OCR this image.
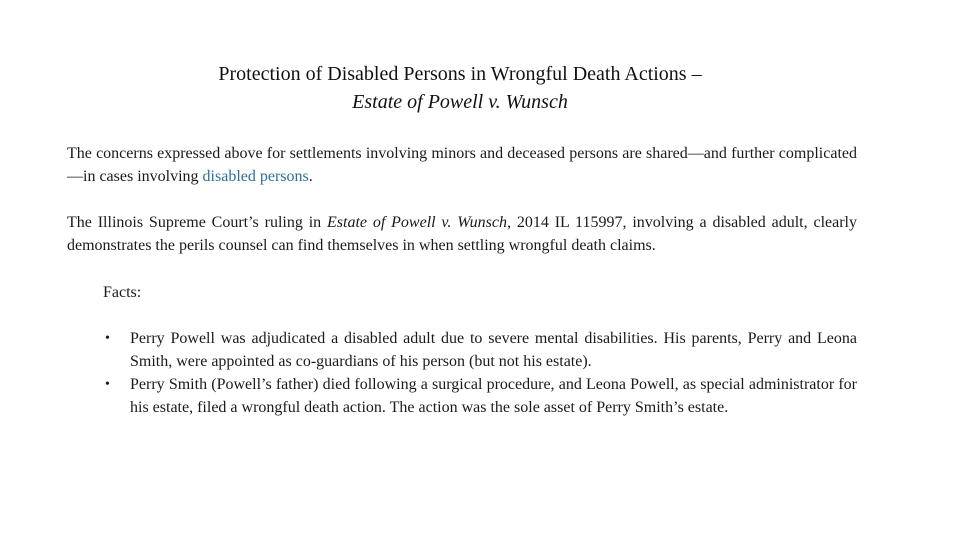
Protection of Disabled Persons in Wrongful Death Actions –
Estate of Powell v. Wunsch

The concerns expressed above for settlements involving minors and deceased persons are shared—and further complicated—in cases involving disabled persons.

The Illinois Supreme Court’s ruling in Estate of Powell v. Wunsch, 2014 IL 115997, involving a disabled adult, clearly demonstrates the perils counsel can find themselves in when settling wrongful death claims.

Facts:
• Perry Powell was adjudicated a disabled adult due to severe mental disabilities. His parents, Perry and Leona Smith, were appointed as co-guardians of his person (but not his estate).
• Perry Smith (Powell’s father) died following a surgical procedure, and Leona Powell, as special administrator for his estate, filed a wrongful death action. The action was the sole asset of Perry Smith’s estate.
